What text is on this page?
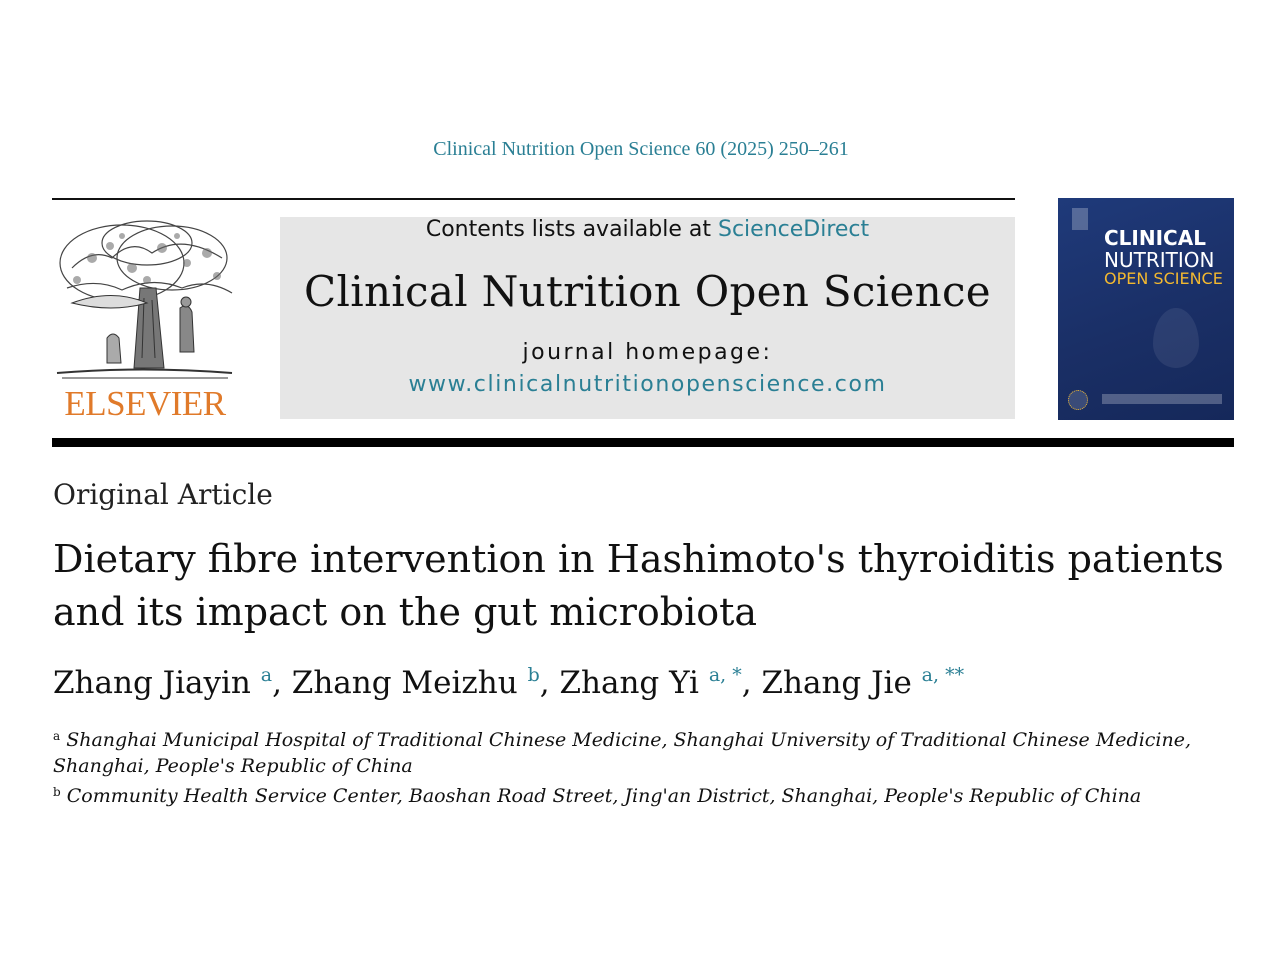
Clinical Nutrition Open Science 60 (2025) 250–261
ELSEVIER
Contents lists available at ScienceDirect
Clinical Nutrition Open Science
journal homepage:
www.clinicalnutritionopenscience.com
CLINICAL
NUTRITION
OPEN SCIENCE
Original Article
Dietary fibre intervention in Hashimoto's thyroiditis patients and its impact on the gut microbiota
Zhang Jiayin $^a$, Zhang Meizhu $^b$, Zhang Yi $^{a, *}$, Zhang Jie $^{a, **}$

$^a$ Shanghai Municipal Hospital of Traditional Chinese Medicine, Shanghai University of Traditional Chinese Medicine, Shanghai, People's Republic of China

$^b$ Community Health Service Center, Baoshan Road Street, Jing'an District, Shanghai, People's Republic of China
